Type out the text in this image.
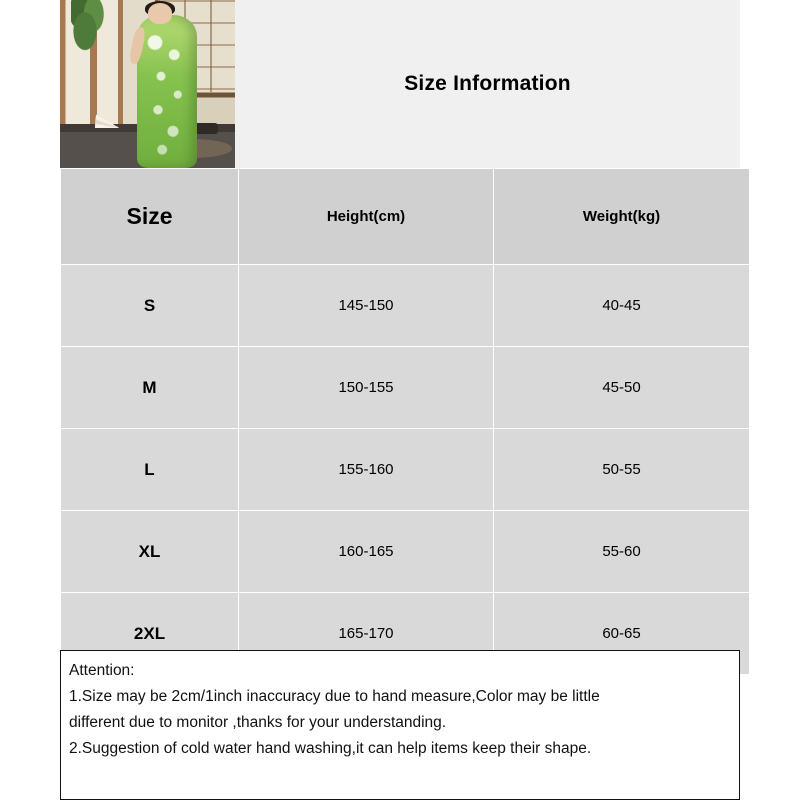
Size Information
Size	Height(cm)	Weight(kg)
S	145-150	40-45
M	150-155	45-50
L	155-160	50-55
XL	160-165	55-60
2XL	165-170	60-65
Attention:
1.Size may be 2cm/1inch inaccuracy due to hand measure,Color may be little
different due to monitor ,thanks for your understanding.
2.Suggestion of cold water hand washing,it can help items keep their shape.
